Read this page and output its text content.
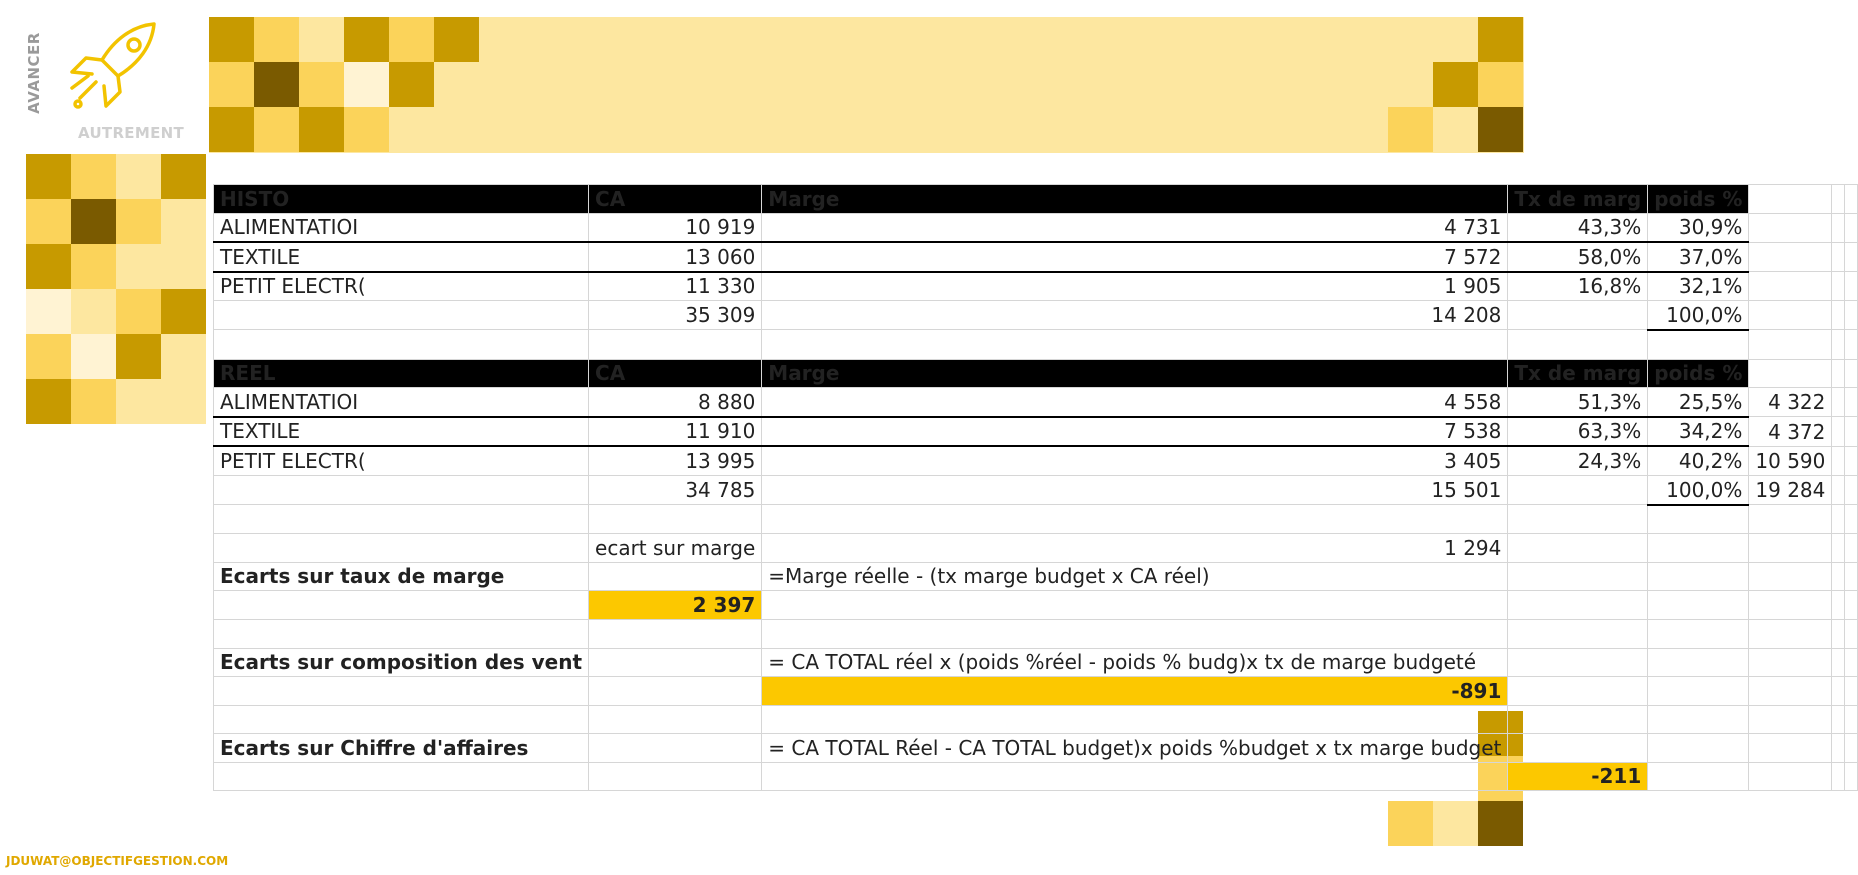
AVANCER
AUTREMENT
HISTO	CA	Marge	Tx de marg	poids %			
ALIMENTATIOI	10 919	4 731	43,3%	30,9%			
TEXTILE	13 060	7 572	58,0%	37,0%			
PETIT ELECTR(	11 330	1 905	16,8%	32,1%			
	35 309	14 208		100,0%			

REEL	CA	Marge	Tx de marg	poids %			
ALIMENTATIOI	8 880	4 558	51,3%	25,5%	4 322		
TEXTILE	11 910	7 538	63,3%	34,2%	4 372		
PETIT ELECTR(	13 995	3 405	24,3%	40,2%	10 590		
	34 785	15 501		100,0%	19 284		

	ecart sur marge	1 294					
Ecarts sur taux de marge		=Marge réelle - (tx marge budget x CA réel)					
	2 397						

Ecarts sur composition des vent		= CA TOTAL réel x (poids %réel - poids % budg)x tx de marge budgeté					
		-891					

Ecarts sur Chiffre d'affaires		= CA TOTAL Réel - CA TOTAL budget)x poids %budget x tx marge budget					
			-211				
JDUWAT@OBJECTIFGESTION.COM
